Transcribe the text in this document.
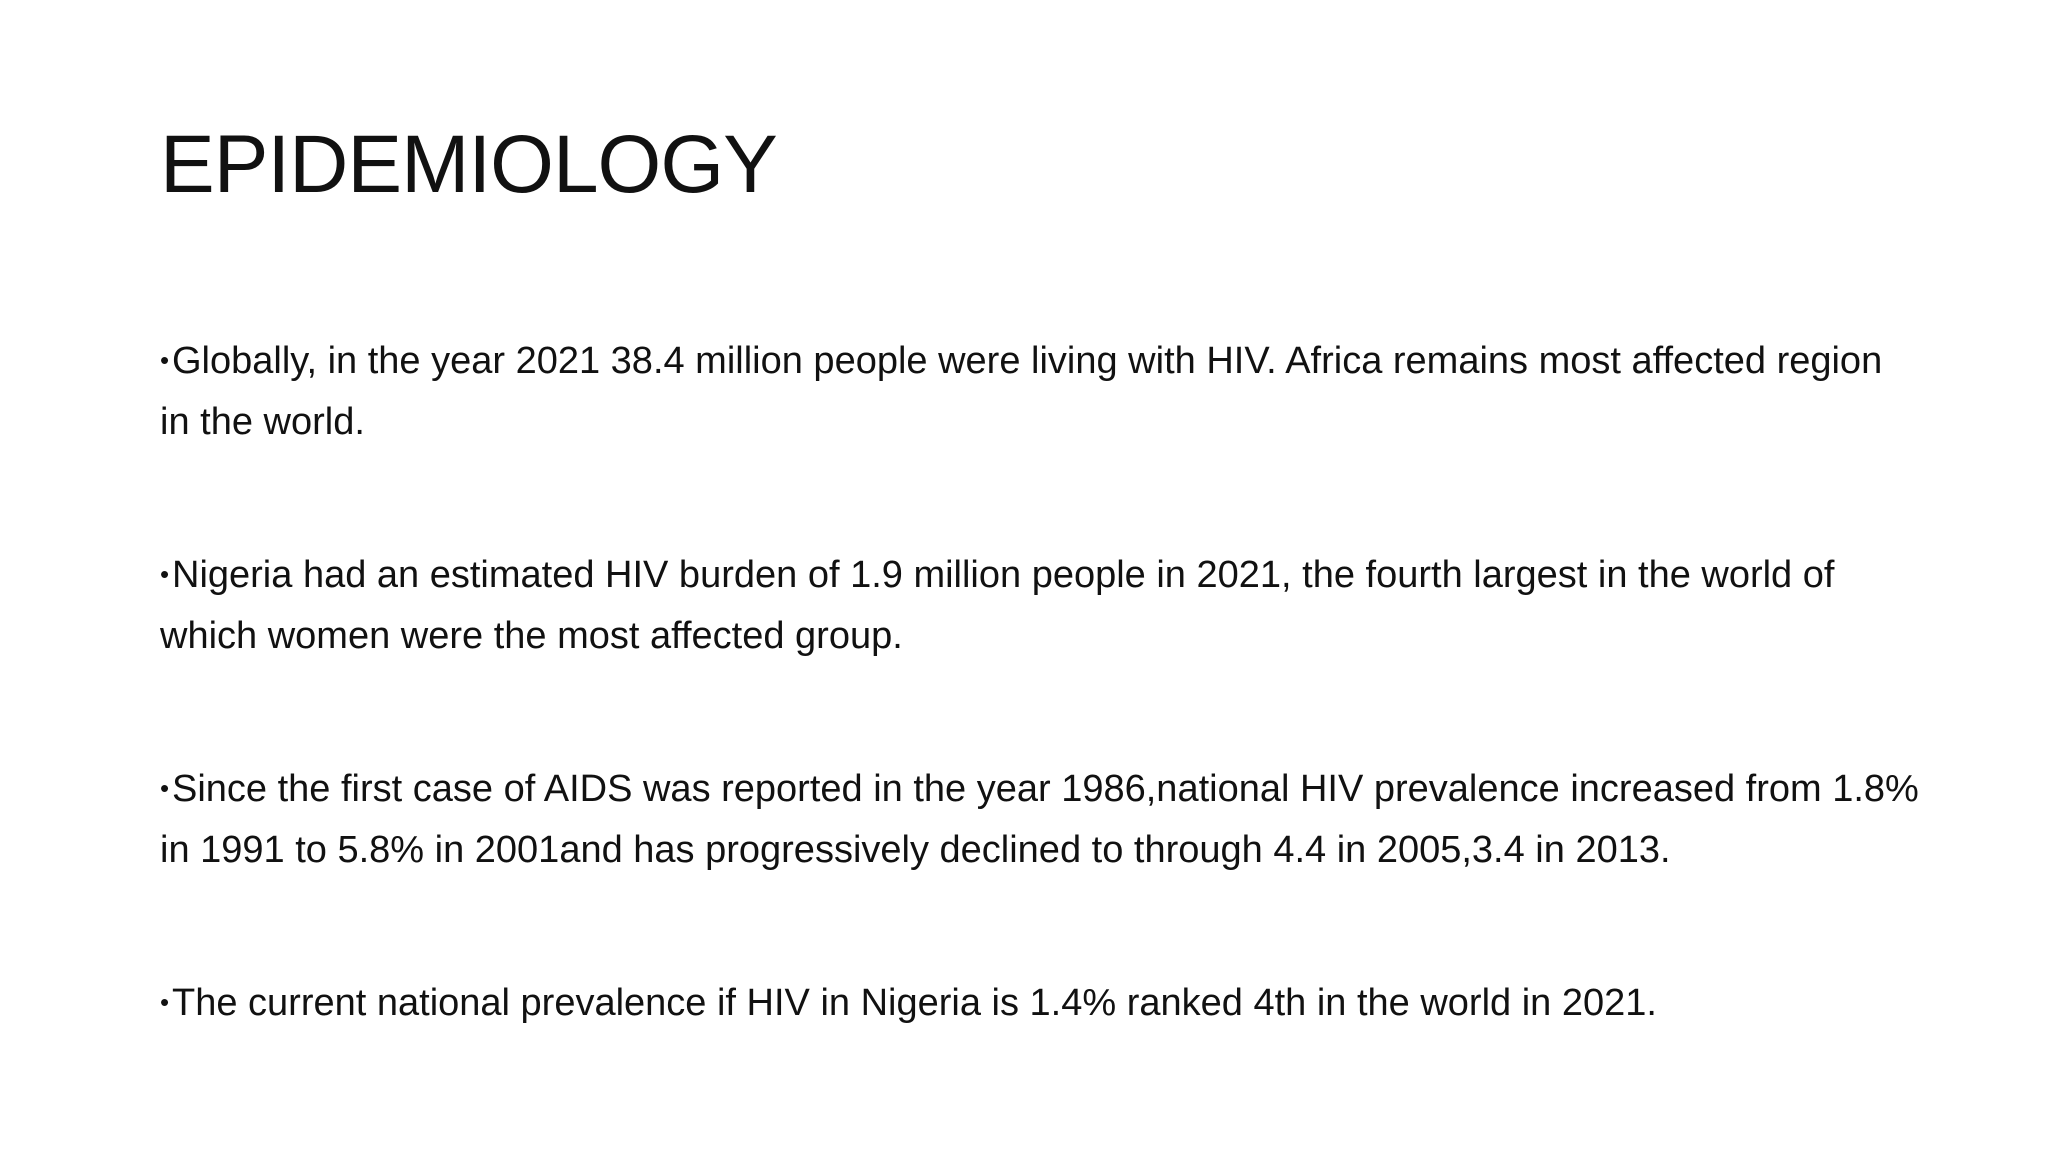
EPIDEMIOLOGY
•Globally, in the year 2021 38.4 million people were living with HIV. Africa remains most affected region in the world.
•Nigeria had an estimated HIV burden of 1.9 million people in 2021, the fourth largest in the world of which women were the most affected group.
•Since the first case of AIDS was reported in the year 1986,national HIV prevalence increased from 1.8% in 1991 to 5.8% in 2001and has progressively declined to through 4.4 in 2005,3.4 in 2013.
•The current national prevalence if HIV in Nigeria is 1.4% ranked 4th in the world in 2021.
